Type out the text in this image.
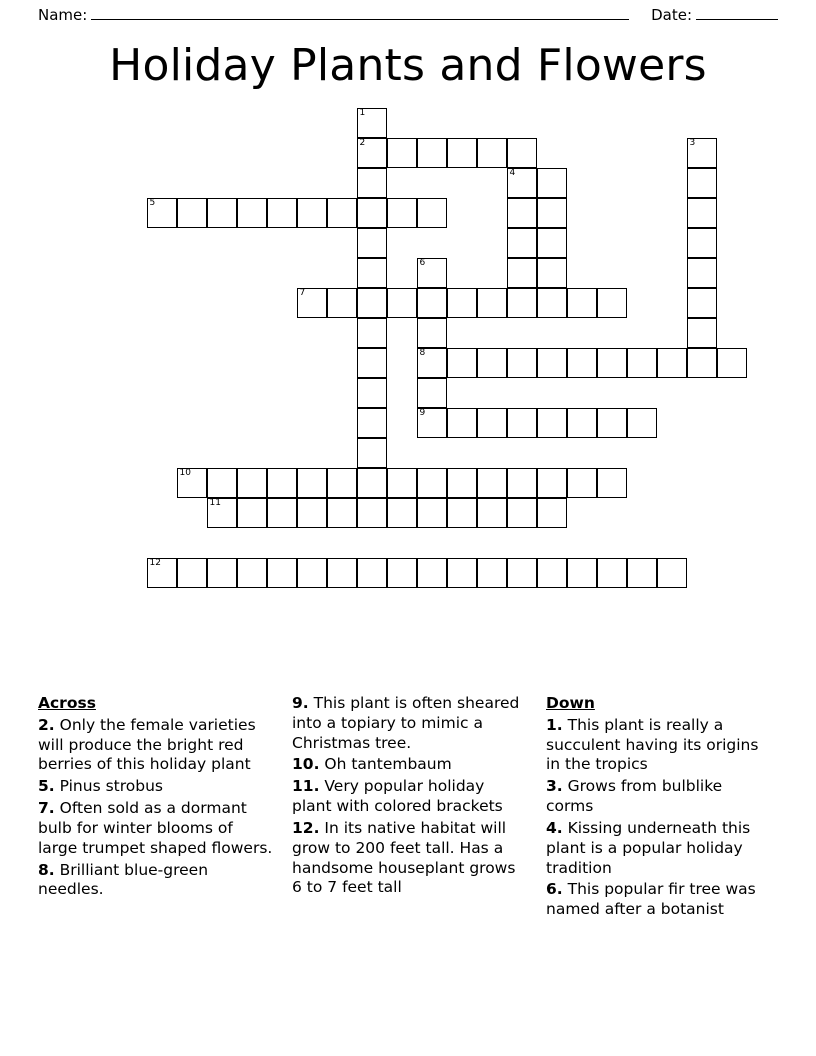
Name:	Date:
Holiday Plants and Flowers
1
2	3
4
5
6
7
8
9
10
11
12
Across
2. Only the female varieties will produce the bright red berries of this holiday plant
5. Pinus strobus
7. Often sold as a dormant bulb for winter blooms of large trumpet shaped flowers.
8. Brilliant blue-green needles.
9. This plant is often sheared into a topiary to mimic a Christmas tree.
10. Oh tantembaum
11. Very popular holiday plant with colored brackets
12. In its native habitat will grow to 200 feet tall. Has a handsome houseplant grows 6 to 7 feet tall
Down
1. This plant is really a succulent having its origins in the tropics
3. Grows from bulblike corms
4. Kissing underneath this plant is a popular holiday tradition
6. This popular fir tree was named after a botanist
